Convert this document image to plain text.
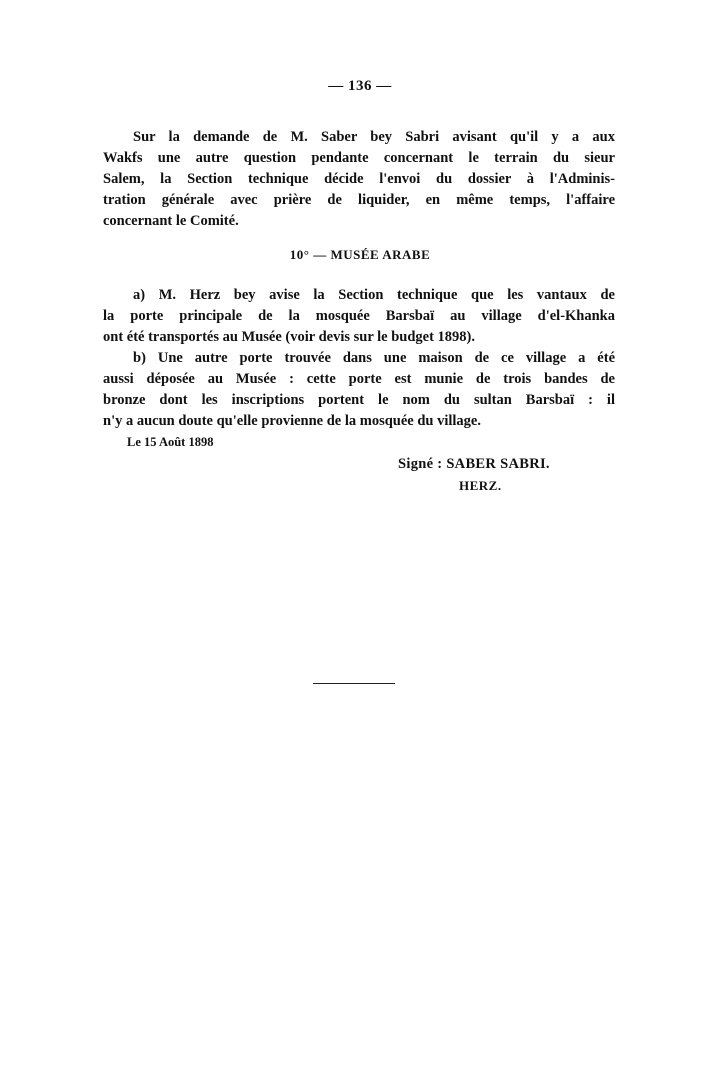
— 136 —
Sur la demande de M. Saber bey Sabri avisant qu'il y a aux
Wakfs une autre question pendante concernant le terrain du sieur
Salem, la Section technique décide l'envoi du dossier à l'Adminis-
tration générale avec prière de liquider, en même temps, l'affaire
concernant le Comité.
10° — MUSÉE ARABE
a) M. Herz bey avise la Section technique que les vantaux de
la porte principale de la mosquée Barsbaï au village d'el-Khanka
ont été transportés au Musée (voir devis sur le budget 1898).
b) Une autre porte trouvée dans une maison de ce village a été
aussi déposée au Musée : cette porte est munie de trois bandes de
bronze dont les inscriptions portent le nom du sultan Barsbaï : il
n'y a aucun doute qu'elle provienne de la mosquée du village.
Le 15 Août 1898
Signé : SABER SABRI.
HERZ.
